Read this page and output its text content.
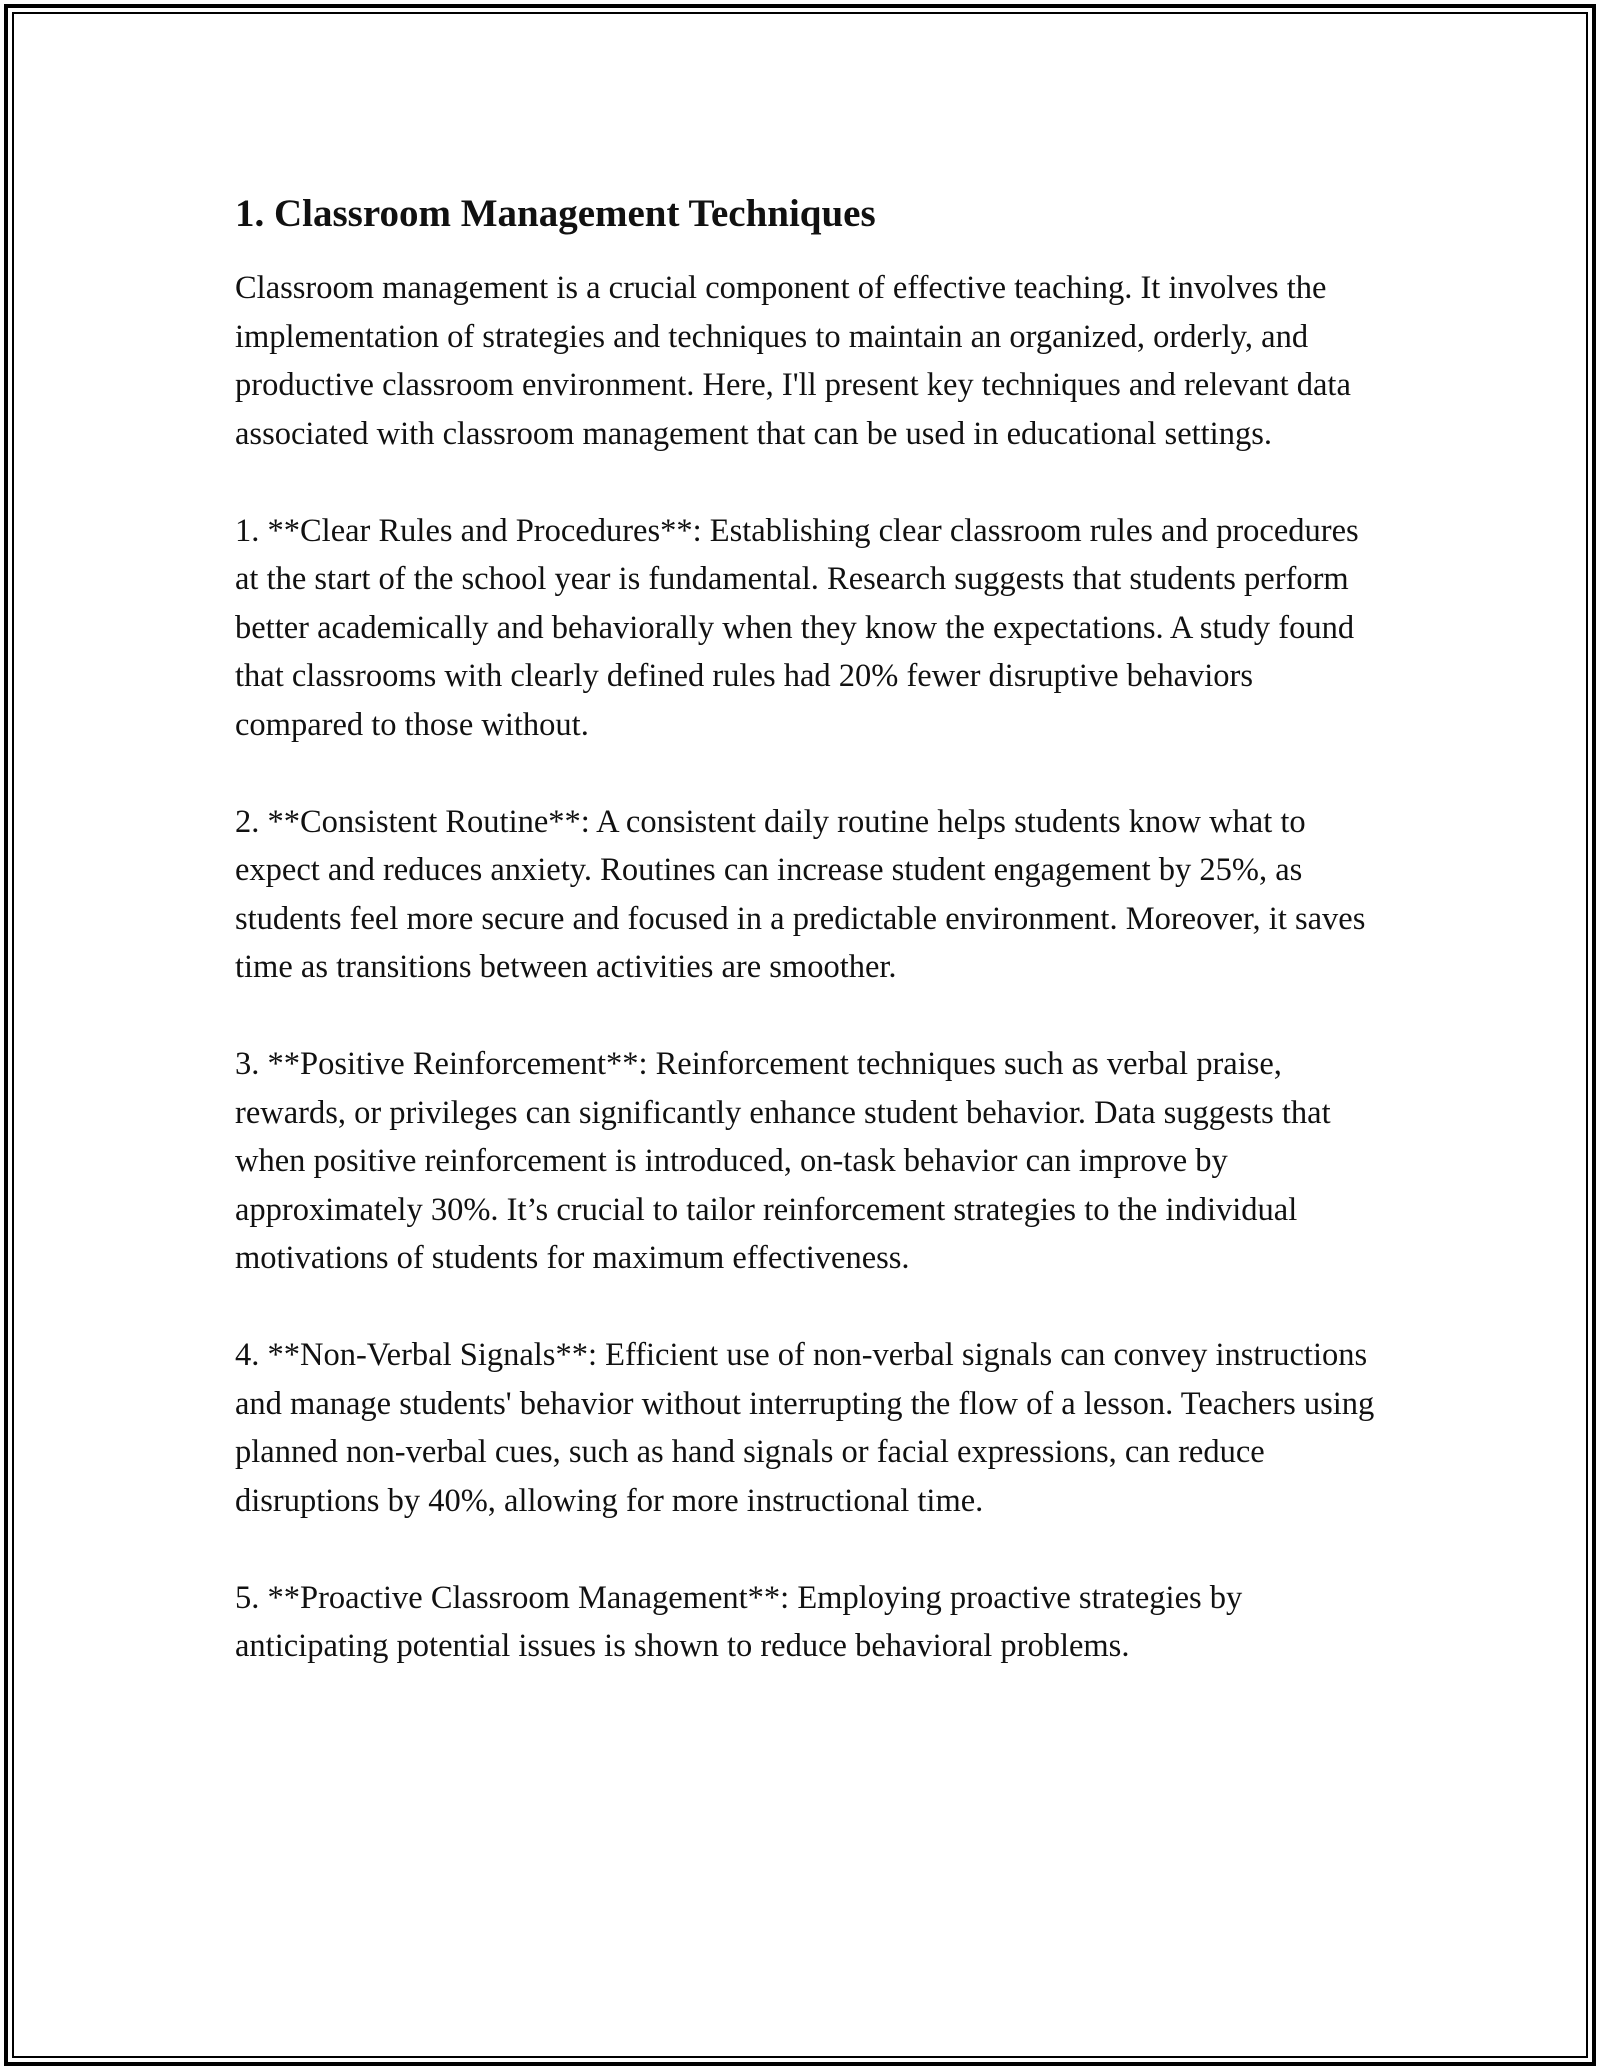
1. Classroom Management Techniques

Classroom management is a crucial component of effective teaching. It involves the implementation of strategies and techniques to maintain an organized, orderly, and productive classroom environment. Here, I'll present key techniques and relevant data associated with classroom management that can be used in educational settings.

1. **Clear Rules and Procedures**: Establishing clear classroom rules and procedures at the start of the school year is fundamental. Research suggests that students perform better academically and behaviorally when they know the expectations. A study found that classrooms with clearly defined rules had 20% fewer disruptive behaviors compared to those without.

2. **Consistent Routine**: A consistent daily routine helps students know what to expect and reduces anxiety. Routines can increase student engagement by 25%, as students feel more secure and focused in a predictable environment. Moreover, it saves time as transitions between activities are smoother.

3. **Positive Reinforcement**: Reinforcement techniques such as verbal praise, rewards, or privileges can significantly enhance student behavior. Data suggests that when positive reinforcement is introduced, on-task behavior can improve by approximately 30%. It’s crucial to tailor reinforcement strategies to the individual motivations of students for maximum effectiveness.

4. **Non-Verbal Signals**: Efficient use of non-verbal signals can convey instructions and manage students' behavior without interrupting the flow of a lesson. Teachers using planned non-verbal cues, such as hand signals or facial expressions, can reduce disruptions by 40%, allowing for more instructional time.

5. **Proactive Classroom Management**: Employing proactive strategies by anticipating potential issues is shown to reduce behavioral problems.
